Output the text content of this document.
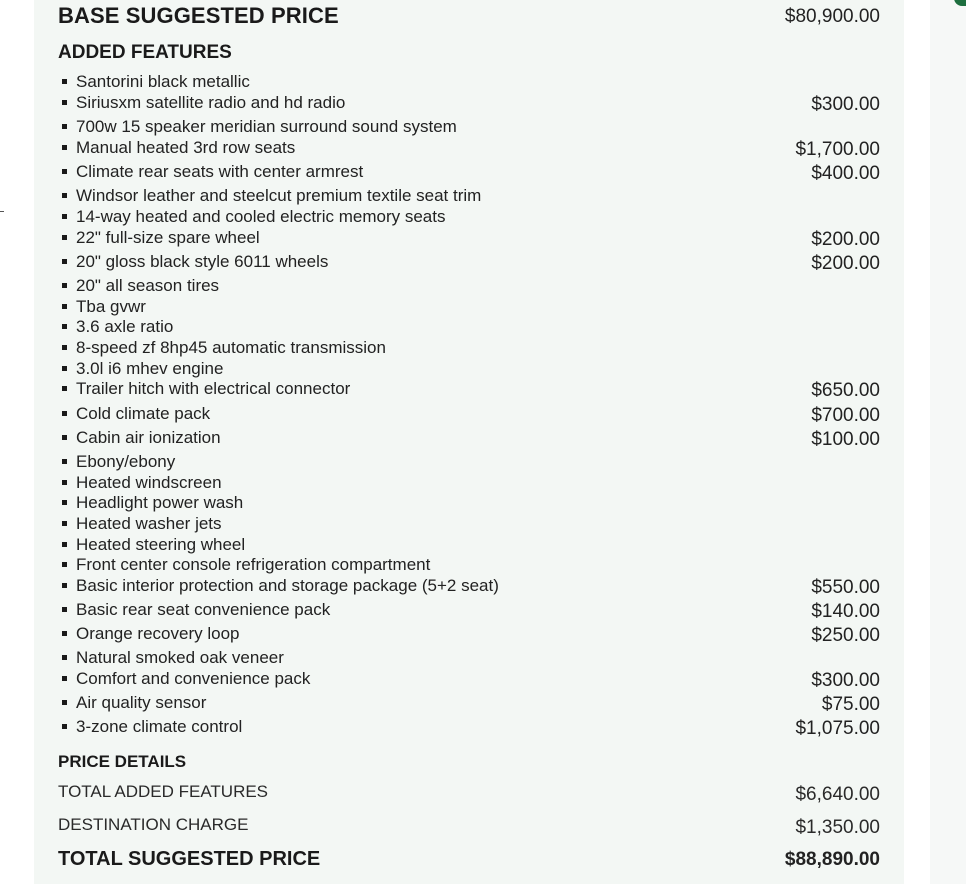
BASE SUGGESTED PRICE	$80,900.00
ADDED FEATURES
Santorini black metallic
Siriusxm satellite radio and hd radio	$300.00
700w 15 speaker meridian surround sound system
Manual heated 3rd row seats	$1,700.00
Climate rear seats with center armrest	$400.00
Windsor leather and steelcut premium textile seat trim
14-way heated and cooled electric memory seats
22" full-size spare wheel	$200.00
20" gloss black style 6011 wheels	$200.00
20" all season tires
Tba gvwr
3.6 axle ratio
8-speed zf 8hp45 automatic transmission
3.0l i6 mhev engine
Trailer hitch with electrical connector	$650.00
Cold climate pack	$700.00
Cabin air ionization	$100.00
Ebony/ebony
Heated windscreen
Headlight power wash
Heated washer jets
Heated steering wheel
Front center console refrigeration compartment
Basic interior protection and storage package (5+2 seat)	$550.00
Basic rear seat convenience pack	$140.00
Orange recovery loop	$250.00
Natural smoked oak veneer
Comfort and convenience pack	$300.00
Air quality sensor	$75.00
3-zone climate control	$1,075.00
PRICE DETAILS
TOTAL ADDED FEATURES	$6,640.00
DESTINATION CHARGE	$1,350.00
TOTAL SUGGESTED PRICE	$88,890.00
